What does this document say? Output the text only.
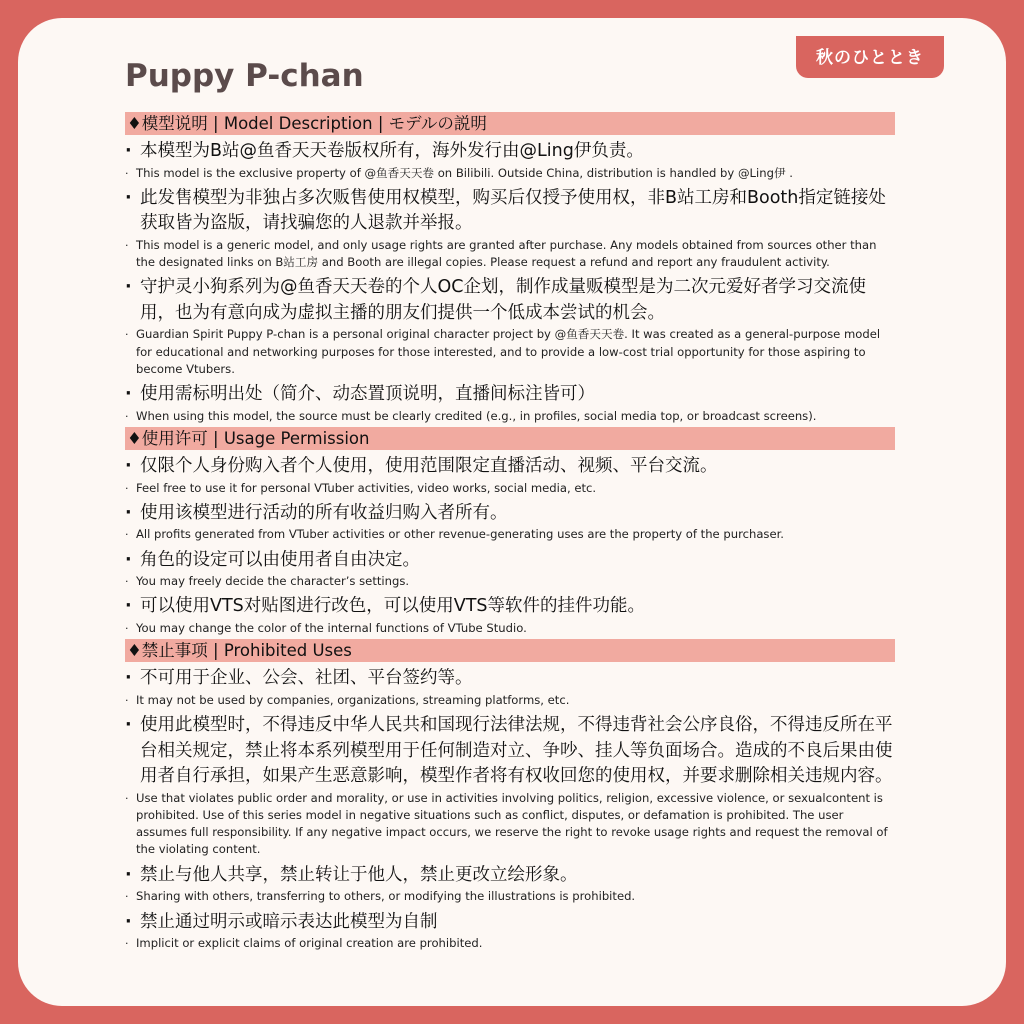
秋のひととき
Puppy P-chan
♦模型说明 | Model Description | モデルの説明
· 本模型为B站@鱼香天天卷版权所有，海外发行由@Ling伊负责。
· This model is the exclusive property of @鱼香天天卷 on Bilibili. Outside China, distribution is handled by @Ling伊 .
· 此发售模型为非独占多次贩售使用权模型，购买后仅授予使用权，非B站工房和Booth指定链接处获取皆为盗版，请找骗您的人退款并举报。
· This model is a generic model, and only usage rights are granted after purchase. Any models obtained from sources other than the designated links on B站工房 and Booth are illegal copies. Please request a refund and report any fraudulent activity.
· 守护灵小狗系列为@鱼香天天卷的个人OC企划，制作成量贩模型是为二次元爱好者学习交流使用，也为有意向成为虚拟主播的朋友们提供一个低成本尝试的机会。
· Guardian Spirit Puppy P-chan is a personal original character project by @鱼香天天卷. It was created as a general-purpose model for educational and networking purposes for those interested, and to provide a low-cost trial opportunity for those aspiring to become Vtubers.
· 使用需标明出处（简介、动态置顶说明，直播间标注皆可）
· When using this model, the source must be clearly credited (e.g., in profiles, social media top, or broadcast screens).
♦使用许可 | Usage Permission
· 仅限个人身份购入者个人使用，使用范围限定直播活动、视频、平台交流。
· Feel free to use it for personal VTuber activities, video works, social media, etc.
· 使用该模型进行活动的所有收益归购入者所有。
· All profits generated from VTuber activities or other revenue-generating uses are the property of the purchaser.
· 角色的设定可以由使用者自由决定。
· You may freely decide the character’s settings.
· 可以使用VTS对贴图进行改色，可以使用VTS等软件的挂件功能。
· You may change the color of the internal functions of VTube Studio.
♦禁止事项 | Prohibited Uses
· 不可用于企业、公会、社团、平台签约等。
· It may not be used by companies, organizations, streaming platforms, etc.
· 使用此模型时，不得违反中华人民共和国现行法律法规，不得违背社会公序良俗，不得违反所在平台相关规定，禁止将本系列模型用于任何制造对立、争吵、挂人等负面场合。造成的不良后果由使用者自行承担，如果产生恶意影响，模型作者将有权收回您的使用权，并要求删除相关违规内容。
· Use that violates public order and morality, or use in activities involving politics, religion, excessive violence, or sexualcontent is prohibited. Use of this series model in negative situations such as conflict, disputes, or defamation is prohibited. The user assumes full responsibility. If any negative impact occurs, we reserve the right to revoke usage rights and request the removal of the violating content.
· 禁止与他人共享，禁止转让于他人，禁止更改立绘形象。
· Sharing with others, transferring to others, or modifying the illustrations is prohibited.
· 禁止通过明示或暗示表达此模型为自制
· Implicit or explicit claims of original creation are prohibited.
